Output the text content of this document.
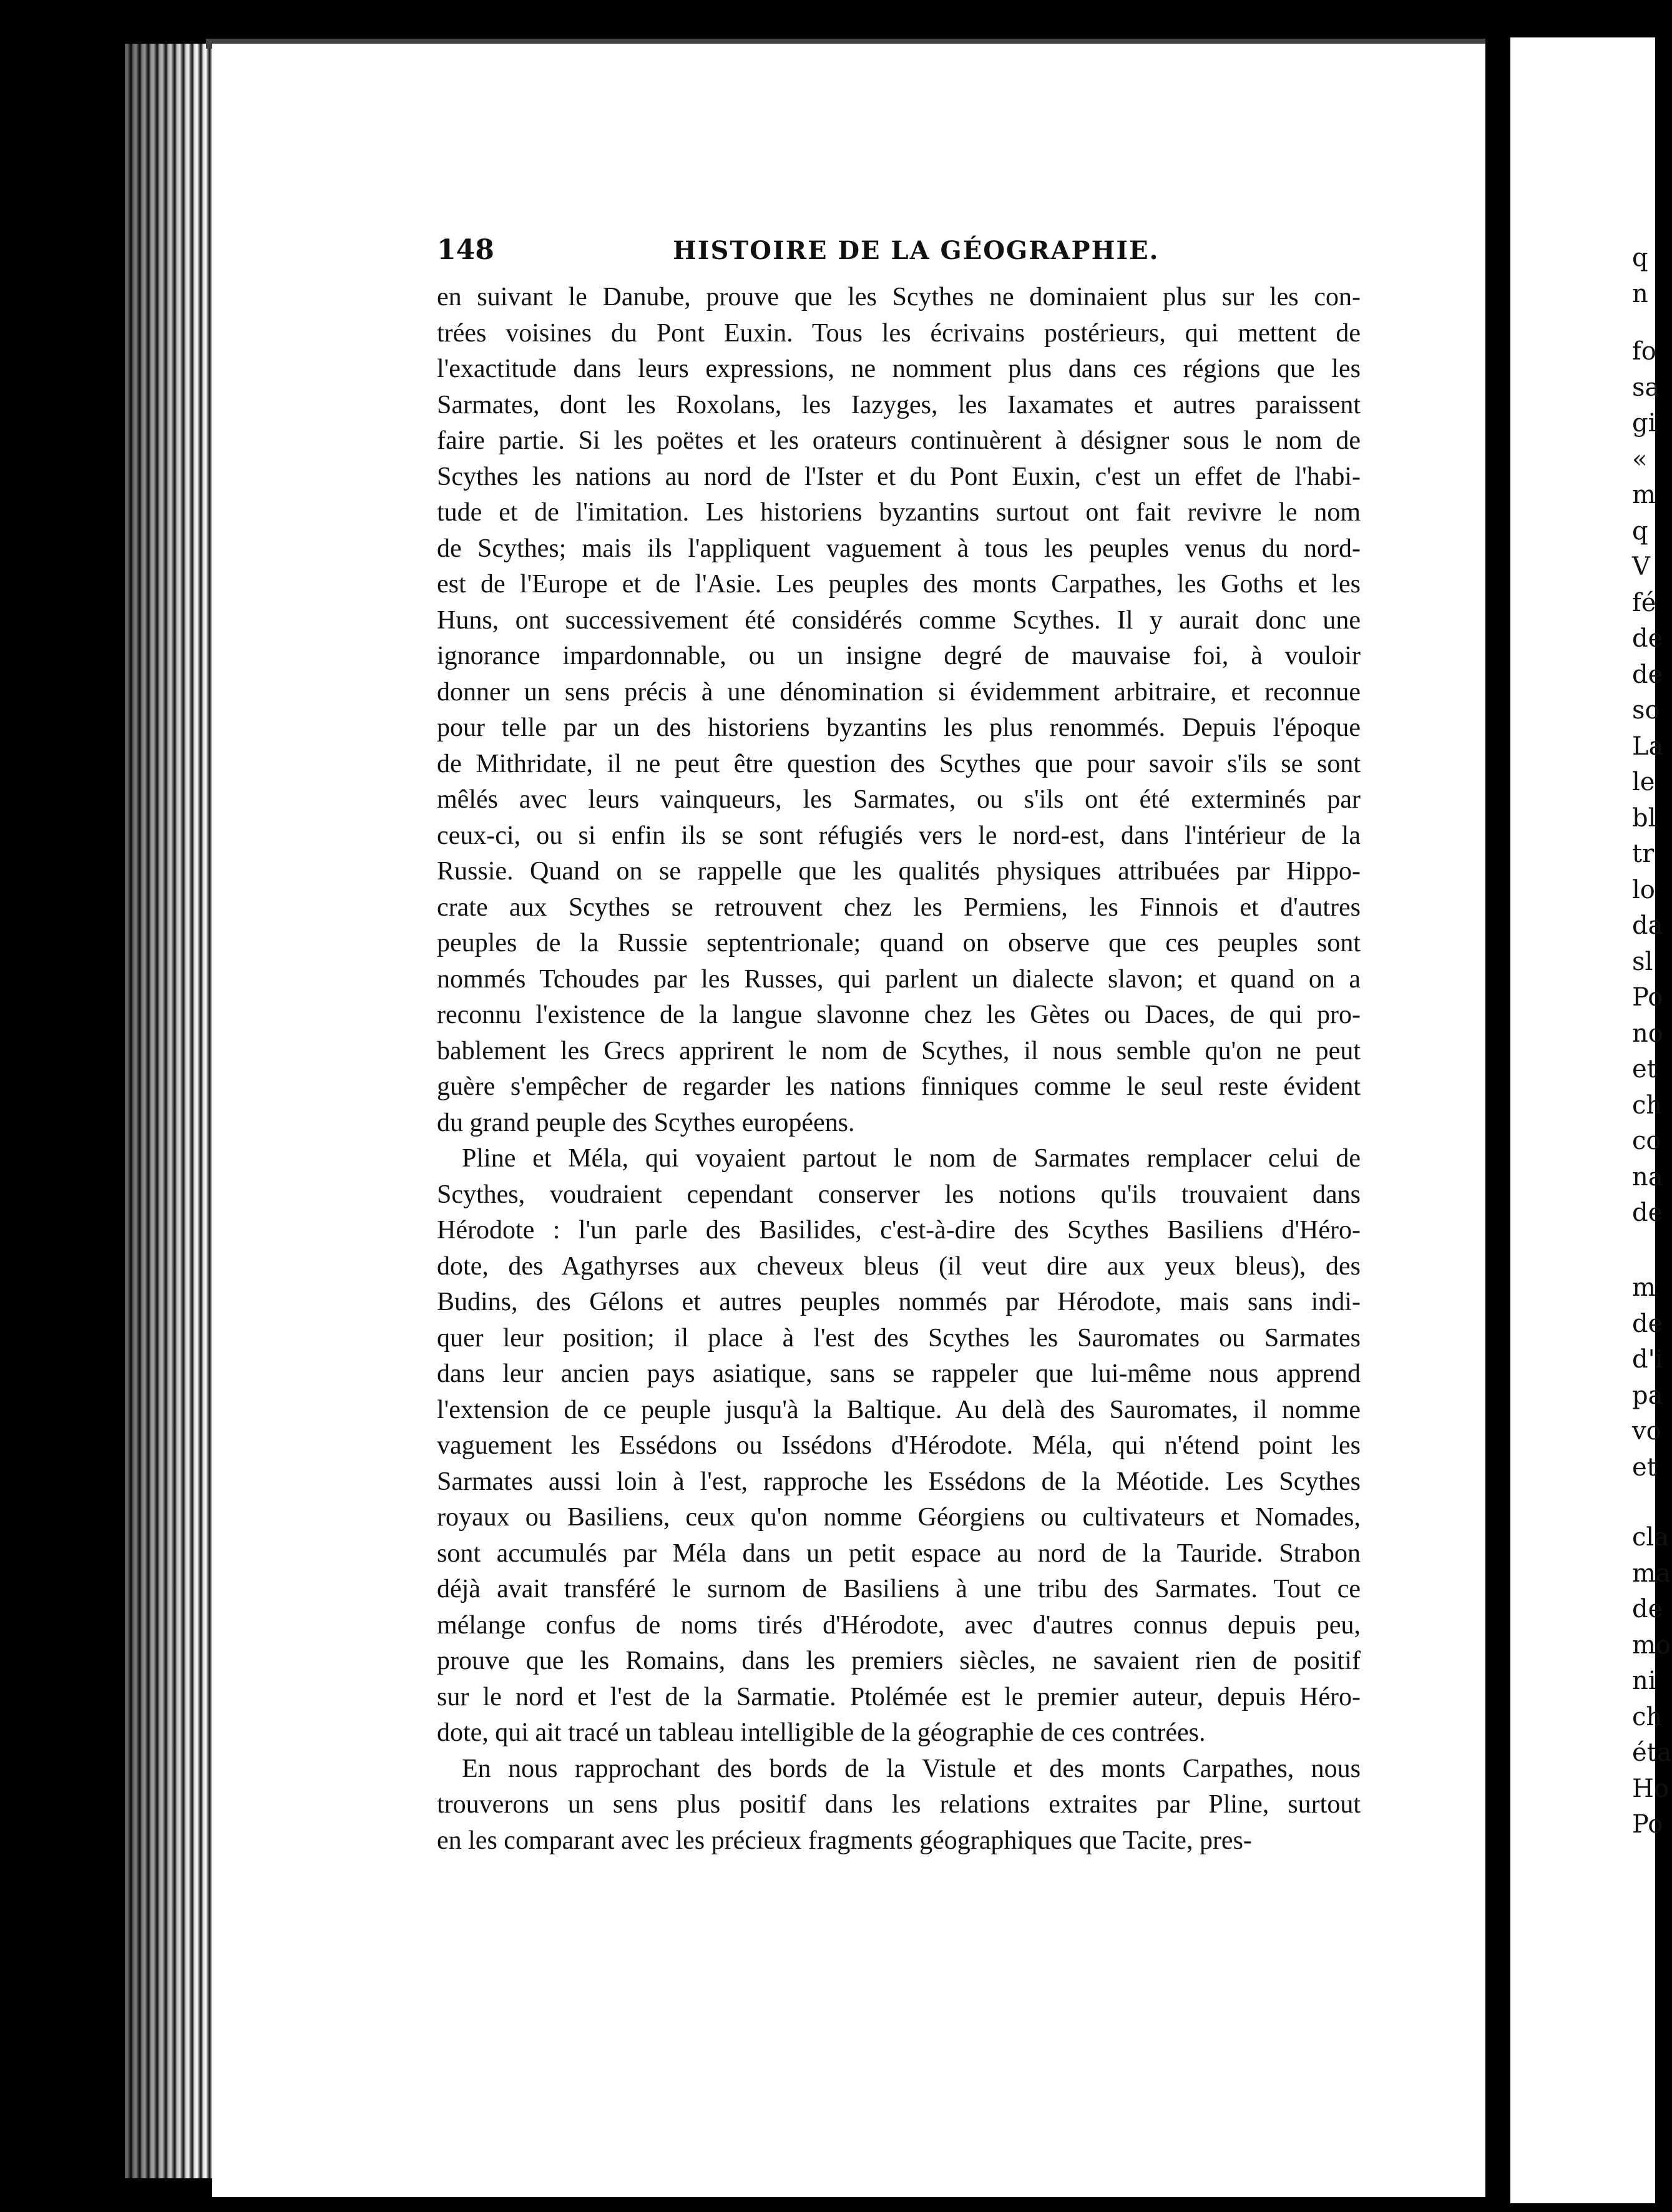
148	HISTOIRE DE LA GÉOGRAPHIE.

en suivant le Danube, prouve que les Scythes ne dominaient plus sur les con-

trées voisines du Pont Euxin. Tous les écrivains postérieurs, qui mettent de

l'exactitude dans leurs expressions, ne nomment plus dans ces régions que les

Sarmates, dont les Roxolans, les Iazyges, les Iaxamates et autres paraissent

faire partie. Si les poëtes et les orateurs continuèrent à désigner sous le nom de

Scythes les nations au nord de l'Ister et du Pont Euxin, c'est un effet de l'habi-

tude et de l'imitation. Les historiens byzantins surtout ont fait revivre le nom

de Scythes; mais ils l'appliquent vaguement à tous les peuples venus du nord-

est de l'Europe et de l'Asie. Les peuples des monts Carpathes, les Goths et les

Huns, ont successivement été considérés comme Scythes. Il y aurait donc une

ignorance impardonnable, ou un insigne degré de mauvaise foi, à vouloir

donner un sens précis à une dénomination si évidemment arbitraire, et reconnue

pour telle par un des historiens byzantins les plus renommés. Depuis l'époque

de Mithridate, il ne peut être question des Scythes que pour savoir s'ils se sont

mêlés avec leurs vainqueurs, les Sarmates, ou s'ils ont été exterminés par

ceux-ci, ou si enfin ils se sont réfugiés vers le nord-est, dans l'intérieur de la

Russie. Quand on se rappelle que les qualités physiques attribuées par Hippo-

crate aux Scythes se retrouvent chez les Permiens, les Finnois et d'autres

peuples de la Russie septentrionale; quand on observe que ces peuples sont

nommés Tchoudes par les Russes, qui parlent un dialecte slavon; et quand on a

reconnu l'existence de la langue slavonne chez les Gètes ou Daces, de qui pro-

bablement les Grecs apprirent le nom de Scythes, il nous semble qu'on ne peut

guère s'empêcher de regarder les nations finniques comme le seul reste évident

du grand peuple des Scythes européens.

Pline et Méla, qui voyaient partout le nom de Sarmates remplacer celui de

Scythes, voudraient cependant conserver les notions qu'ils trouvaient dans

Hérodote : l'un parle des Basilides, c'est-à-dire des Scythes Basiliens d'Héro-

dote, des Agathyrses aux cheveux bleus (il veut dire aux yeux bleus), des

Budins, des Gélons et autres peuples nommés par Hérodote, mais sans indi-

quer leur position; il place à l'est des Scythes les Sauromates ou Sarmates

dans leur ancien pays asiatique, sans se rappeler que lui-même nous apprend

l'extension de ce peuple jusqu'à la Baltique. Au delà des Sauromates, il nomme

vaguement les Essédons ou Issédons d'Hérodote. Méla, qui n'étend point les

Sarmates aussi loin à l'est, rapproche les Essédons de la Méotide. Les Scythes

royaux ou Basiliens, ceux qu'on nomme Géorgiens ou cultivateurs et Nomades,

sont accumulés par Méla dans un petit espace au nord de la Tauride. Strabon

déjà avait transféré le surnom de Basiliens à une tribu des Sarmates. Tout ce

mélange confus de noms tirés d'Hérodote, avec d'autres connus depuis peu,

prouve que les Romains, dans les premiers siècles, ne savaient rien de positif

sur le nord et l'est de la Sarmatie. Ptolémée est le premier auteur, depuis Héro-

dote, qui ait tracé un tableau intelligible de la géographie de ces contrées.

En nous rapprochant des bords de la Vistule et des monts Carpathes, nous

trouverons un sens plus positif dans les relations extraites par Pline, surtout

en les comparant avec les précieux fragments géographiques que Tacite, pres-

q
n
fo
sa
gi
«
m
q
V
fé
de
de
so
La
le
bl
tr
lo
da
sl
Po
no
et
ch
co
na
de
m
de
d'i
pa
vo
et
cla
ma
de
mo
ni
ch
éta
Ho
Po
